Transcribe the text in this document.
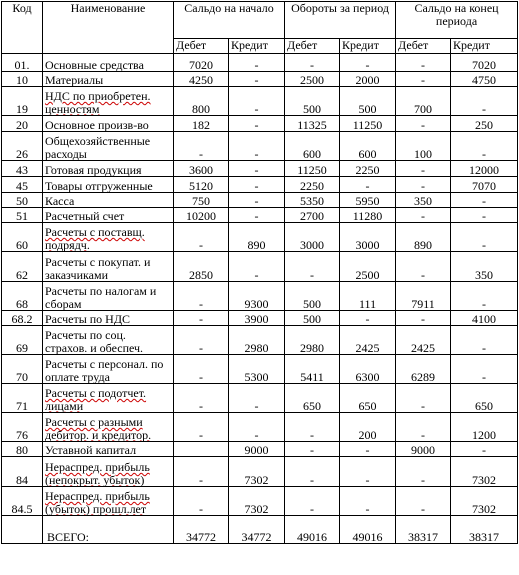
Код	Наименование	Сальдо на начало		Обороты за период		Сальдо на конец периода	
		Дебет	Кредит	Дебет	Кредит	Дебет	Кредит
01.	Основные средства	7020	-	-	-	-	7020
10	Материалы	4250	-	2500	2000	-	4750
19	НДС по приобретен. ценностям	800	-	500	500	700	-
20	Основное произв-во	182	-	11325	11250	-	250
26	Общехозяйственные расходы	-	-	600	600	100	-
43	Готовая продукция	3600	-	11250	2250	-	12000
45	Товары отгруженные	5120	-	2250	-	-	7070
50	Касса	750	-	5350	5950	350	-
51	Расчетный счет	10200	-	2700	11280	-	-
60	Расчеты с поставщ. подрядч.	-	890	3000	3000	890	-
62	Расчеты с покупат. и заказчиками	2850	-	-	2500	-	350
68	Расчеты по налогам и сборам	-	9300	500	111	7911	-
68.2	Расчеты по НДС	-	3900	500	-	-	4100
69	Расчеты по соц. страхов. и обеспеч.	-	2980	2980	2425	2425	-
70	Расчеты с персонал. по оплате труда	-	5300	5411	6300	6289	-
71	Расчеты с подотчет. лицами	-	-	650	650	-	650
76	Расчеты с разными дебитор. и кредитор.	-	-	-	200	-	1200
80	Уставной капитал		9000	-	-	9000	-
84	Нераспред. прибыль (непокрыт. убыток)	-	7302	-	-	-	7302
84.5	Нераспред. прибыль (убыток) прошл.лет	-	7302	-	-	-	7302
	ВСЕГО:	34772	34772	49016	49016	38317	38317
